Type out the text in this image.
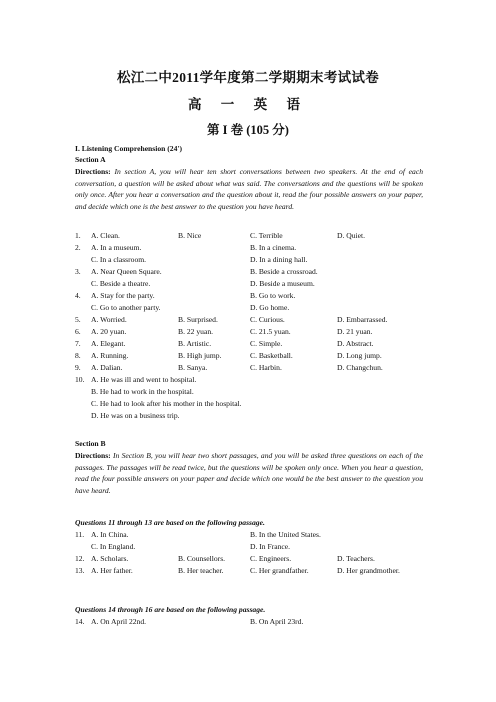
松江二中2011学年度第二学期期末考试试卷
高 一 英 语
第 I 卷 (105 分)
I. Listening Comprehension (24')
Section A
Directions: In section A, you will hear ten short conversations between two speakers. At the end of each conversation, a question will be asked about what was said. The conversations and the questions will be spoken only once. After you hear a conversation and the question about it, read the four possible answers on your paper, and decide which one is the best answer to the question you have heard.
1. A. Clean.	B. Nice	C. Terrible	D. Quiet.
2. A. In a museum.	B. In a cinema.
C. In a classroom.	D. In a dining hall.
3. A. Near Queen Square.	B. Beside a crossroad.
C. Beside a theatre.	D. Beside a museum.
4. A. Stay for the party.	B. Go to work.
C. Go to another party.	D. Go home.
5. A. Worried.	B. Surprised.	C. Curious.	D. Embarrassed.
6. A. 20 yuan.	B. 22 yuan.	C. 21.5 yuan.	D. 21 yuan.
7. A. Elegant.	B. Artistic.	C. Simple.	D. Abstract.
8. A. Running.	B. High jump.	C. Basketball.	D. Long jump.
9. A. Dalian.	B. Sanya.	C. Harbin.	D. Changchun.
10. A. He was ill and went to hospital.
B. He had to work in the hospital.
C. He had to look after his mother in the hospital.
D. He was on a business trip.
Section B
Directions: In Section B, you will hear two short passages, and you will be asked three questions on each of the passages. The passages will be read twice, but the questions will be spoken only once. When you hear a question, read the four possible answers on your paper and decide which one would be the best answer to the question you have heard.
Questions 11 through 13 are based on the following passage.
11. A. In China.	B. In the United States.
C. In England.	D. In France.
12. A. Scholars.	B. Counsellors.	C. Engineers.	D. Teachers.
13. A. Her father.	B. Her teacher.	C. Her grandfather.	D. Her grandmother.
Questions 14 through 16 are based on the following passage.
14. A. On April 22nd.	B. On April 23rd.
